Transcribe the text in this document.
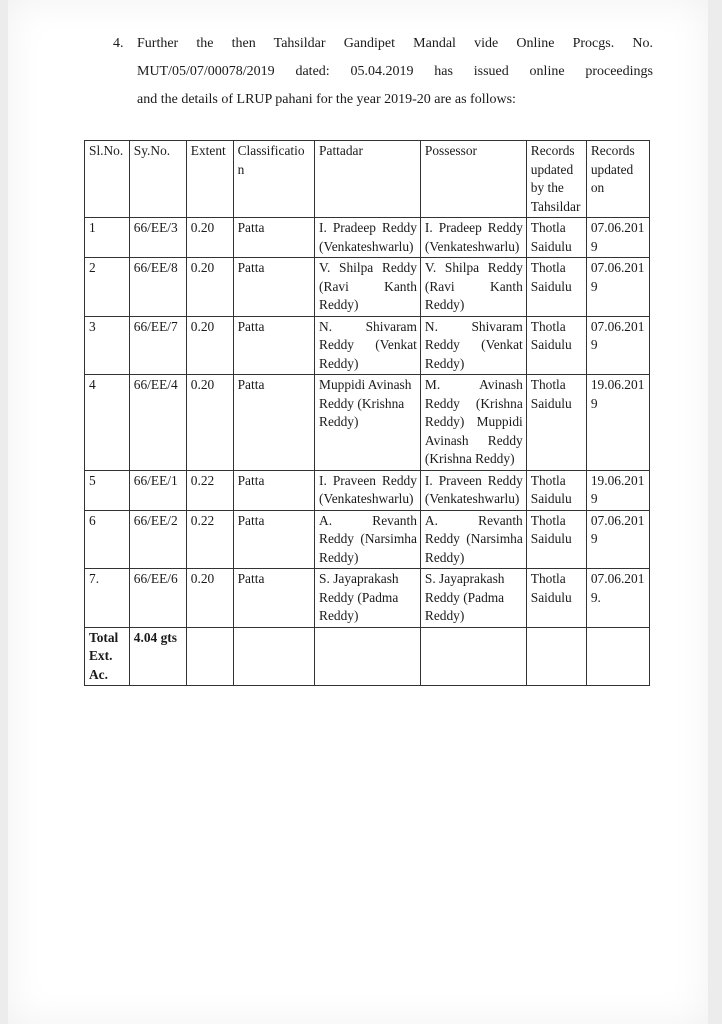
4. Further the then Tahsildar Gandipet Mandal vide Online Procgs. No.
MUT/05/07/00078/2019 dated: 05.04.2019 has issued online proceedings
and the details of LRUP pahani for the year 2019-20 are as follows:
Sl.No.	Sy.No.	Extent	Classification	Pattadar	Possessor	Records updated by the Tahsildar	Records updated on
1	66/EE/3	0.20	Patta	I. Pradeep Reddy (Venkateshwarlu)	I. Pradeep Reddy (Venkateshwarlu)	Thotla Saidulu	07.06.2019
2	66/EE/8	0.20	Patta	V. Shilpa Reddy (Ravi Kanth Reddy)	V. Shilpa Reddy (Ravi Kanth Reddy)	Thotla Saidulu	07.06.2019
3	66/EE/7	0.20	Patta	N. Shivaram Reddy (Venkat Reddy)	N. Shivaram Reddy (Venkat Reddy)	Thotla Saidulu	07.06.2019
4	66/EE/4	0.20	Patta	Muppidi Avinash Reddy (Krishna Reddy)	M. Avinash Reddy (Krishna Reddy) Muppidi Avinash Reddy (Krishna Reddy)	Thotla Saidulu	19.06.2019
5	66/EE/1	0.22	Patta	I. Praveen Reddy (Venkateshwarlu)	I. Praveen Reddy (Venkateshwarlu)	Thotla Saidulu	19.06.2019
6	66/EE/2	0.22	Patta	A. Revanth Reddy (Narsimha Reddy)	A. Revanth Reddy (Narsimha Reddy)	Thotla Saidulu	07.06.2019
7.	66/EE/6	0.20	Patta	S. Jayaprakash Reddy (Padma Reddy)	S. Jayaprakash Reddy (Padma Reddy)	Thotla Saidulu	07.06.2019.
Total Ext. Ac.	4.04 gts						
